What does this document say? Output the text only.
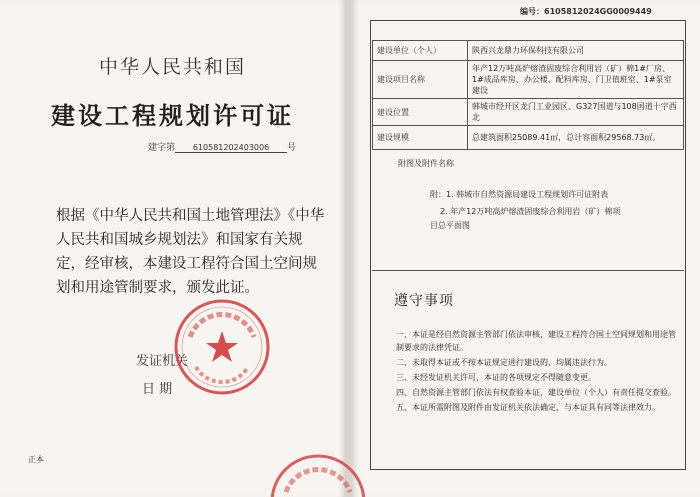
中华人民共和国
建设工程规划许可证
建字第 610581202403006 号
根据《中华人民共和国土地管理法》《中华人民共和国城乡规划法》和国家有关规定，经审核，本建设工程符合国土空间规划和用途管制要求，颁发此证。
发证机关
日 期
正本
编号：6105812024GG0009449
建设单位（个人）	陕西兴龙鼎力环保科技有限公司
建设项目名称	年产12万吨高炉熔渣固废综合利用岩（矿）棉1#厂房、1#成品库房、办公楼、配料库房、门卫值班室、1#泵室建设
建设位置	韩城市经开区龙门工业园区、G327国道与108国道十字西北
建设规模	总建筑面积25089.41㎡，总计容面积29568.73㎡。
附图及附件名称
附：1. 韩城市自然资源局建设工程规划许可证附表
2. 年产12万吨高炉熔渣固废综合利用岩（矿）棉项
目总平面图
遵守事项
一、本证是经自然资源主管部门依法审核，建设工程符合国土空间规划和用途管制要求的法律凭证。
二、未取得本证或不按本证规定进行建设的，均属违法行为。
三、未经发证机关许可，本证的各项规定不得随意变更。
四、自然资源主管部门依法有权查验本证，建设单位（个人）有责任提交查验。
五、本证所需附图及附件由发证机关依法确定，与本证具有同等法律效力。
